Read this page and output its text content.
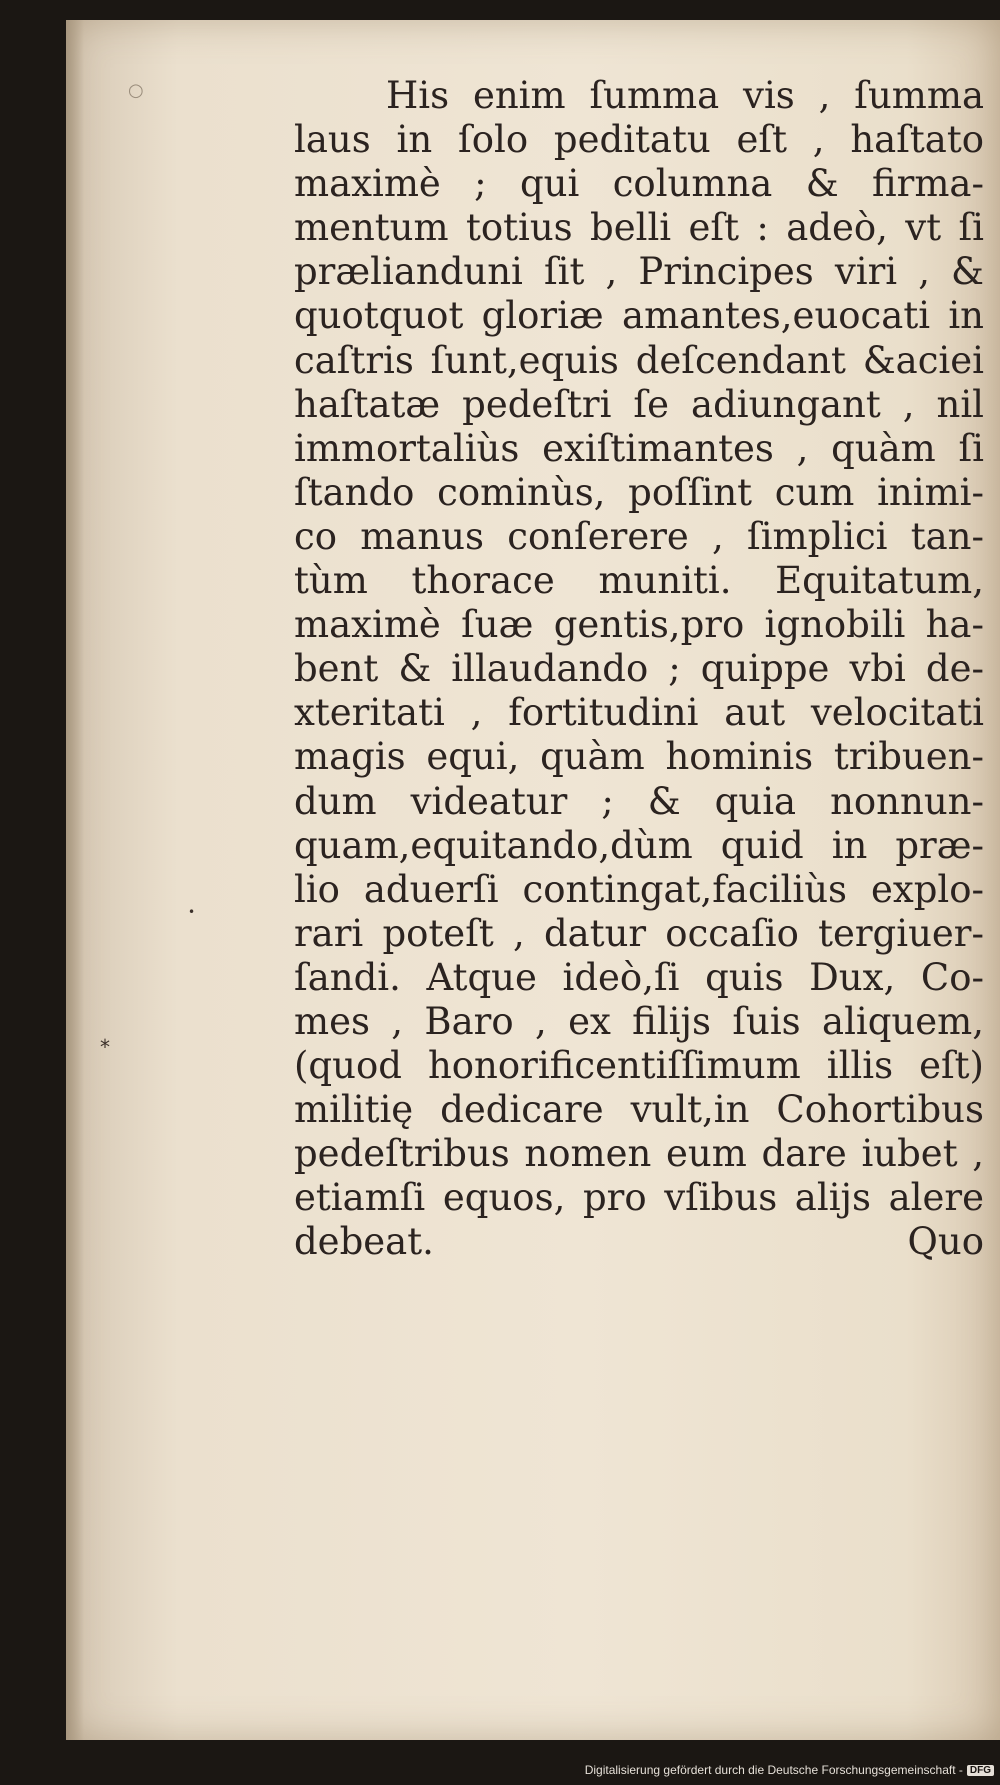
•
*
○	His enim ſumma vis , ſumma
laus in ſolo peditatu eſt , haſtato
maximè ; qui columna & firma-
mentum totius belli eſt : adeò, vt ſi
prælianduni ſit , Principes viri , &
quotquot gloriæ amantes,euocati in
caſtris ſunt,equis deſcendant &aciei
haſtatæ pedeſtri ſe adiungant , nil
immortaliùs exiſtimantes , quàm ſi
ſtando cominùs, poſſint cum inimi-
co manus conſerere , ſimplici tan-
tùm thorace muniti. Equitatum,
maximè ſuæ gentis,pro ignobili ha-
bent & illaudando ; quippe vbi de-
xteritati , fortitudini aut velocitati
magis equi, quàm hominis tribuen-
dum videatur ; & quia nonnun-
quam,equitando,dùm quid in præ-
lio aduerſi contingat,faciliùs explo-
rari poteſt , datur occaſio tergiuer-
ſandi. Atque ideò,ſi quis Dux, Co-
mes , Baro , ex filijs ſuis aliquem,
(quod honorificentiſſimum illis eſt)
militię dedicare vult,in Cohortibus
pedeſtribus nomen eum dare iubet ,
etiamſi equos, pro vſibus alijs alere
debeat.	Quo
Digitalisierung gefördert durch die Deutsche Forschungsgemeinschaft - DFG
